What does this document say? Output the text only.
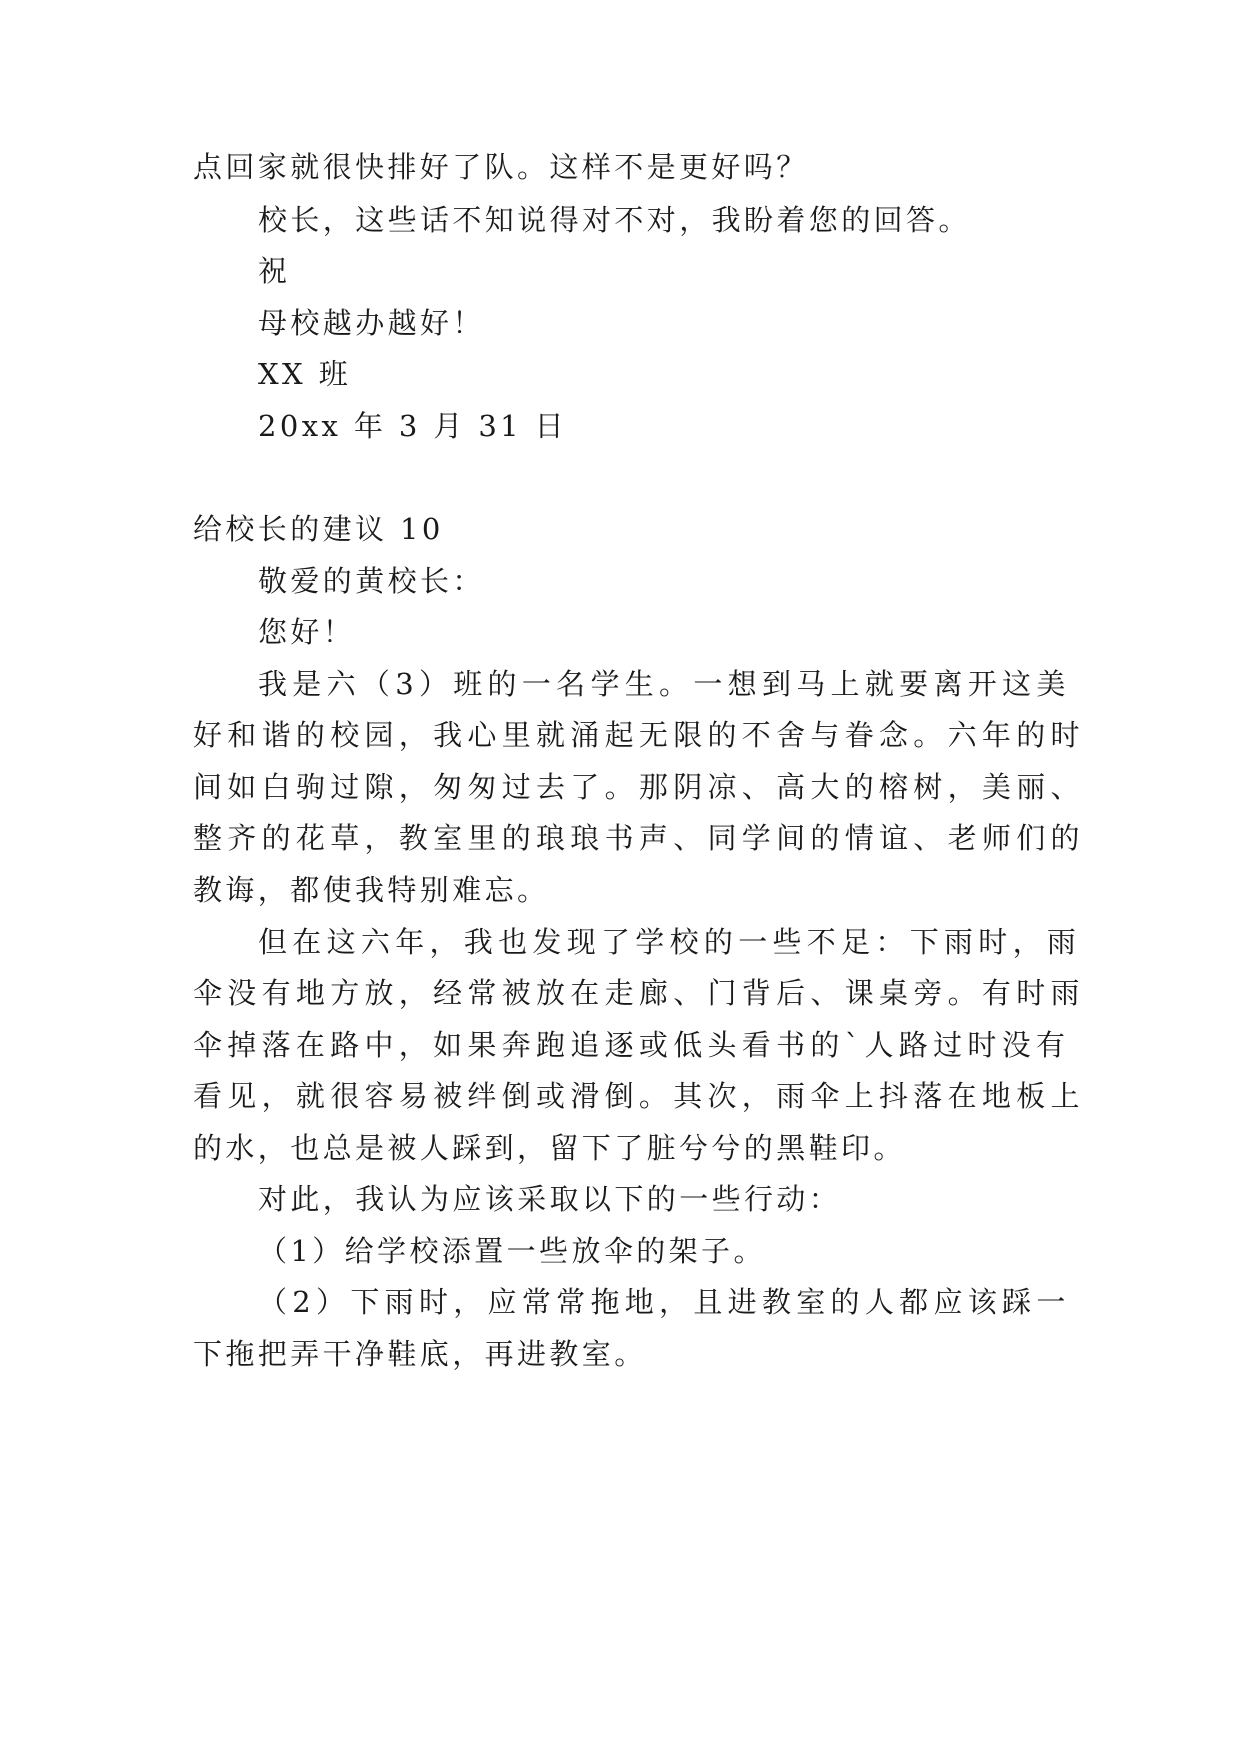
点回家就很快排好了队。这样不是更好吗？

校长，这些话不知说得对不对，我盼着您的回答。

祝

母校越办越好！

XX 班

20xx 年 3 月 31 日

给校长的建议 10

敬爱的黄校长：

您好！

我是六（3）班的一名学生。一想到马上就要离开这美

好和谐的校园，我心里就涌起无限的不舍与眷念。六年的时

间如白驹过隙，匆匆过去了。那阴凉、高大的榕树，美丽、

整齐的花草，教室里的琅琅书声、同学间的情谊、老师们的

教诲，都使我特别难忘。

但在这六年，我也发现了学校的一些不足：下雨时，雨

伞没有地方放，经常被放在走廊、门背后、课桌旁。有时雨

伞掉落在路中，如果奔跑追逐或低头看书的`人路过时没有

看见，就很容易被绊倒或滑倒。其次，雨伞上抖落在地板上

的水，也总是被人踩到，留下了脏兮兮的黑鞋印。

对此，我认为应该采取以下的一些行动：

（1）给学校添置一些放伞的架子。

（2）下雨时，应常常拖地，且进教室的人都应该踩一

下拖把弄干净鞋底，再进教室。
